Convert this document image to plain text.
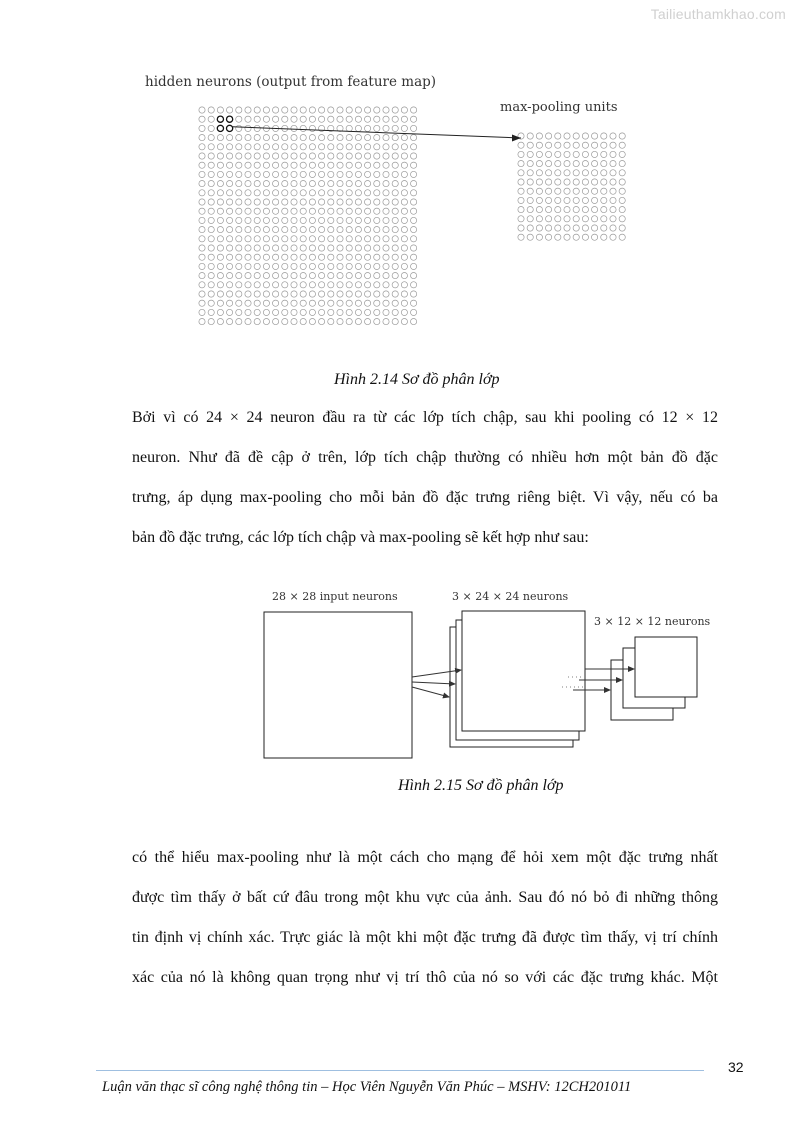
Tailieuthamkhao.com
hidden neurons (output from feature map)
max-pooling units
Hình 2.14 Sơ đồ phân lớp
Bởi vì có 24 × 24 neuron đầu ra từ các lớp tích chập, sau khi pooling có 12 × 12
neuron. Như đã đề cập ở trên, lớp tích chập thường có nhiều hơn một bản đồ đặc
trưng, áp dụng max-pooling cho mỗi bản đồ đặc trưng riêng biệt. Vì vậy, nếu có ba
bản đồ đặc trưng, các lớp tích chập và max-pooling sẽ kết hợp như sau:
28 × 28 input neurons	3 × 24 × 24 neurons
3 × 12 × 12 neurons
Hình 2.15 Sơ đồ phân lớp
có thể hiểu max-pooling như là một cách cho mạng để hỏi xem một đặc trưng nhất
được tìm thấy ở bất cứ đâu trong một khu vực của ảnh. Sau đó nó bỏ đi những thông
tin định vị chính xác. Trực giác là một khi một đặc trưng đã được tìm thấy, vị trí chính
xác của nó là không quan trọng như vị trí thô của nó so với các đặc trưng khác. Một
32
Luận văn thạc sĩ công nghệ thông tin – Học Viên Nguyễn Văn Phúc – MSHV: 12CH201011
